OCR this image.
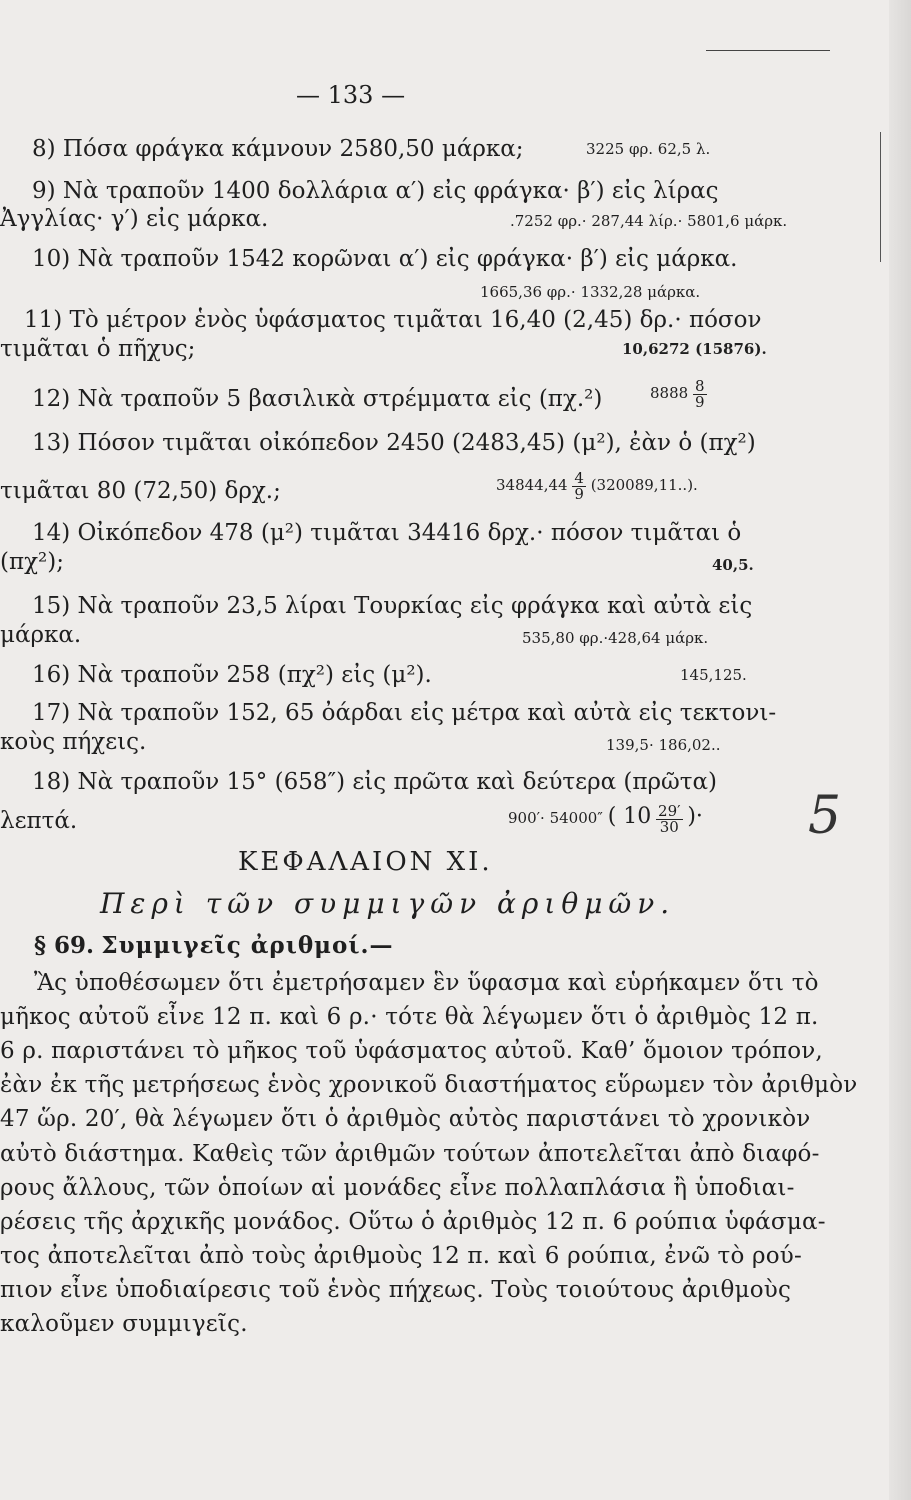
— 133 —
8) Πόσα φράγκα κάμνουν 2580,50 μάρκα;	3225 φρ. 62,5 λ.
9) Νὰ τραποῦν 1400 δολλάρια α′) εἰς φράγκα· β′) εἰς λίρας
Ἀγγλίας· γ′) εἰς μάρκα.	.7252 φρ.· 287,44 λίρ.· 5801,6 μάρκ.
10) Νὰ τραποῦν 1542 κορῶναι α′) εἰς φράγκα· β′) εἰς μάρκα.
1665,36 φρ.· 1332,28 μάρκα.
11) Τὸ μέτρον ἑνὸς ὑφάσματος τιμᾶται 16,40 (2,45) δρ.· πόσον
τιμᾶται ὁ πῆχυς;	10,6272 (15876).
12) Νὰ τραποῦν 5 βασιλικὰ στρέμματα εἰς (πχ.²)	$8888 \frac{8}{9}$
13) Πόσον τιμᾶται οἰκόπεδον 2450 (2483,45) (μ²), ἐὰν ὁ (πχ²)
τιμᾶται 80 (72,50) δρχ.;	$34844,44 \frac{4}{9} (320089,11..)$.
14) Οἰκόπεδον 478 (μ²) τιμᾶται 34416 δρχ.· πόσον τιμᾶται ὁ
(πχ²);	40,5.
15) Νὰ τραποῦν 23,5 λίραι Τουρκίας εἰς φράγκα καὶ αὐτὰ εἰς
μάρκα.	535,80 φρ.·428,64 μάρκ.
16) Νὰ τραποῦν 258 (πχ²) εἰς (μ²).	145,125.
17) Νὰ τραποῦν 152, 65 ὀάρδαι εἰς μέτρα καὶ αὐτὰ εἰς τεκτονι-
κοὺς πήχεις.	139,5· 186,02..
18) Νὰ τραποῦν 15° (658″) εἰς πρῶτα καὶ δεύτερα (πρῶτα)
λεπτά.	900′· 54000″ ( $10 \frac{29'}{30}$ )· 5
ΚΕΦΑΛΑΙΟΝ XI.
Περὶ τῶν συμμιγῶν ἀριθμῶν.
§ 69. Συμμιγεῖς ἀριθμοί.—
Ἂς ὑποθέσωμεν ὅτι ἐμετρήσαμεν ἓν ὕφασμα καὶ εὑρήκαμεν ὅτι τὸ
μῆκος αὐτοῦ εἶνε 12 π. καὶ 6 ρ.· τότε θὰ λέγωμεν ὅτι ὁ ἀριθμὸς 12 π.
6 ρ. παριστάνει τὸ μῆκος τοῦ ὑφάσματος αὐτοῦ. Καθ’ ὅμοιον τρόπον,
ἐὰν ἐκ τῆς μετρήσεως ἑνὸς χρονικοῦ διαστήματος εὕρωμεν τὸν ἀριθμὸν
47 ὥρ. 20′, θὰ λέγωμεν ὅτι ὁ ἀριθμὸς αὐτὸς παριστάνει τὸ χρονικὸν
αὐτὸ διάστημα. Καθεὶς τῶν ἀριθμῶν τούτων ἀποτελεῖται ἀπὸ διαφό-
ρους ἄλλους, τῶν ὁποίων αἱ μονάδες εἶνε πολλαπλάσια ἢ ὑποδιαι-
ρέσεις τῆς ἀρχικῆς μονάδος. Οὕτω ὁ ἀριθμὸς 12 π. 6 ρούπια ὑφάσμα-
τος ἀποτελεῖται ἀπὸ τοὺς ἀριθμοὺς 12 π. καὶ 6 ρούπια, ἐνῶ τὸ ρού-
πιον εἶνε ὑποδιαίρεσις τοῦ ἑνὸς πήχεως. Τοὺς τοιούτους ἀριθμοὺς
καλοῦμεν συμμιγεῖς.
